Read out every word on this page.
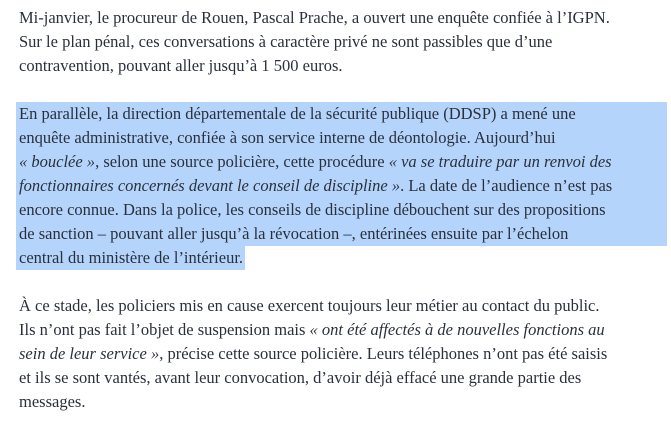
Mi-janvier, le procureur de Rouen, Pascal Prache, a ouvert une enquête confiée à l’IGPN.
Sur le plan pénal, ces conversations à caractère privé ne sont passibles que d’une
contravention, pouvant aller jusqu’à 1 500 euros.

En parallèle, la direction départementale de la sécurité publique (DDSP) a mené une
enquête administrative, confiée à son service interne de déontologie. Aujourd’hui
« bouclée », selon une source policière, cette procédure « va se traduire par un renvoi des
fonctionnaires concernés devant le conseil de discipline ». La date de l’audience n’est pas
encore connue. Dans la police, les conseils de discipline débouchent sur des propositions
de sanction – pouvant aller jusqu’à la révocation –, entérinées ensuite par l’échelon
central du ministère de l’intérieur.

À ce stade, les policiers mis en cause exercent toujours leur métier au contact du public.
Ils n’ont pas fait l’objet de suspension mais « ont été affectés à de nouvelles fonctions au
sein de leur service », précise cette source policière. Leurs téléphones n’ont pas été saisis
et ils se sont vantés, avant leur convocation, d’avoir déjà effacé une grande partie des
messages.
